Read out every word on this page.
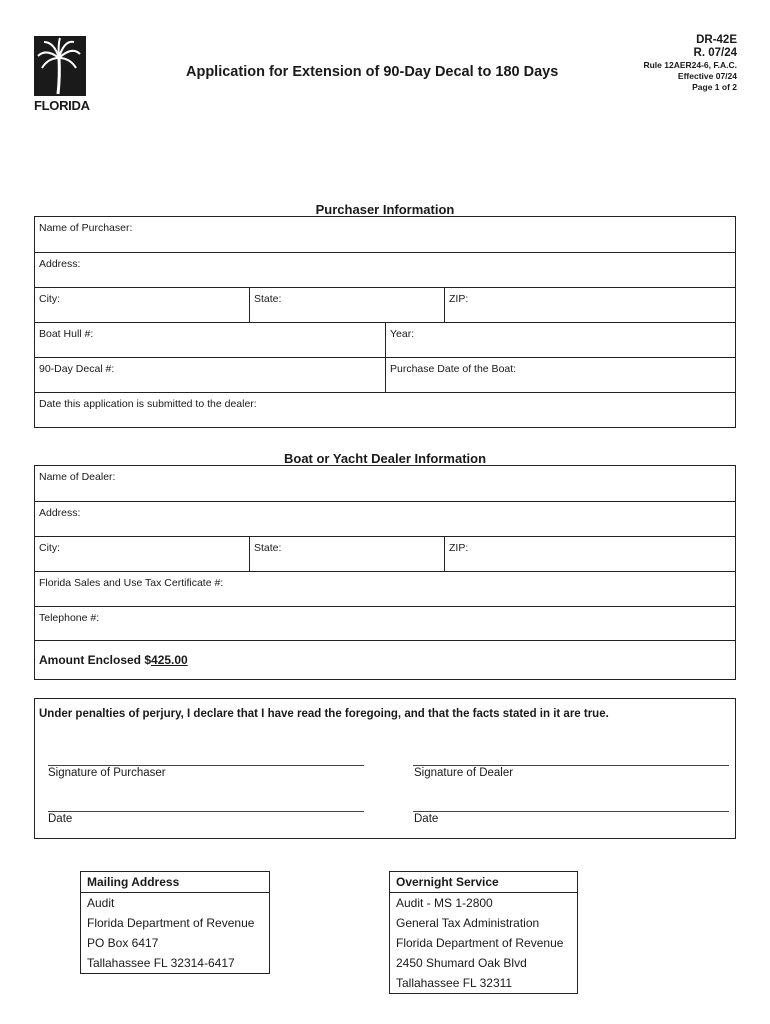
FLORIDA
Application for Extension of 90-Day Decal to 180 Days
DR-42E
R. 07/24
Rule 12AER24-6, F.A.C.
Effective 07/24
Page 1 of 2
Purchaser Information
Name of Purchaser:
Address:
City:	State:	ZIP:
Boat Hull #:	Year:
90-Day Decal #:	Purchase Date of the Boat:
Date this application is submitted to the dealer:
Boat or Yacht Dealer Information
Name of Dealer:
Address:
City:	State:	ZIP:
Florida Sales and Use Tax Certificate #:
Telephone #:
Amount Enclosed $425.00
Under penalties of perjury, I declare that I have read the foregoing, and that the facts stated in it are true.
Signature of Purchaser	Signature of Dealer
Date	Date
Mailing Address
Audit
Florida Department of Revenue
PO Box 6417
Tallahassee FL 32314-6417
Overnight Service
Audit - MS 1-2800
General Tax Administration
Florida Department of Revenue
2450 Shumard Oak Blvd
Tallahassee FL 32311
